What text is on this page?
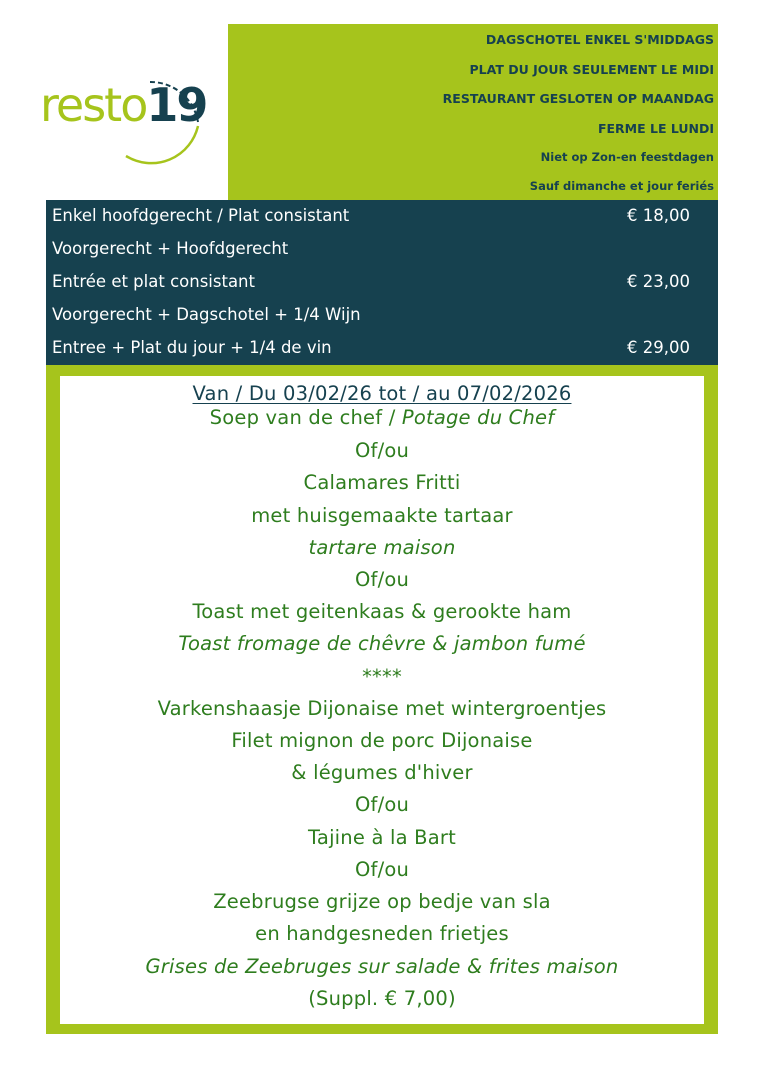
resto19
DAGSCHOTEL ENKEL S'MIDDAGS
PLAT DU JOUR SEULEMENT LE MIDI
RESTAURANT GESLOTEN OP MAANDAG
FERME LE LUNDI
Niet op Zon-en feestdagen
Sauf dimanche et jour feriés
Enkel hoofdgerecht / Plat consistant	€ 18,00
Voorgerecht + Hoofdgerecht
Entrée et plat consistant	€ 23,00
Voorgerecht + Dagschotel + 1/4 Wijn
Entree + Plat du jour + 1/4 de vin	€ 29,00
Van / Du 03/02/26 tot / au 07/02/2026
Soep van de chef / Potage du Chef
Of/ou
Calamares Fritti
met huisgemaakte tartaar
tartare maison
Of/ou
Toast met geitenkaas & gerookte ham
Toast fromage de chêvre & jambon fumé
****
Varkenshaasje Dijonaise met wintergroentjes
Filet mignon de porc Dijonaise
& légumes d'hiver
Of/ou
Tajine à la Bart
Of/ou
Zeebrugse grijze op bedje van sla
en handgesneden frietjes
Grises de Zeebruges sur salade & frites maison
(Suppl. € 7,00)
